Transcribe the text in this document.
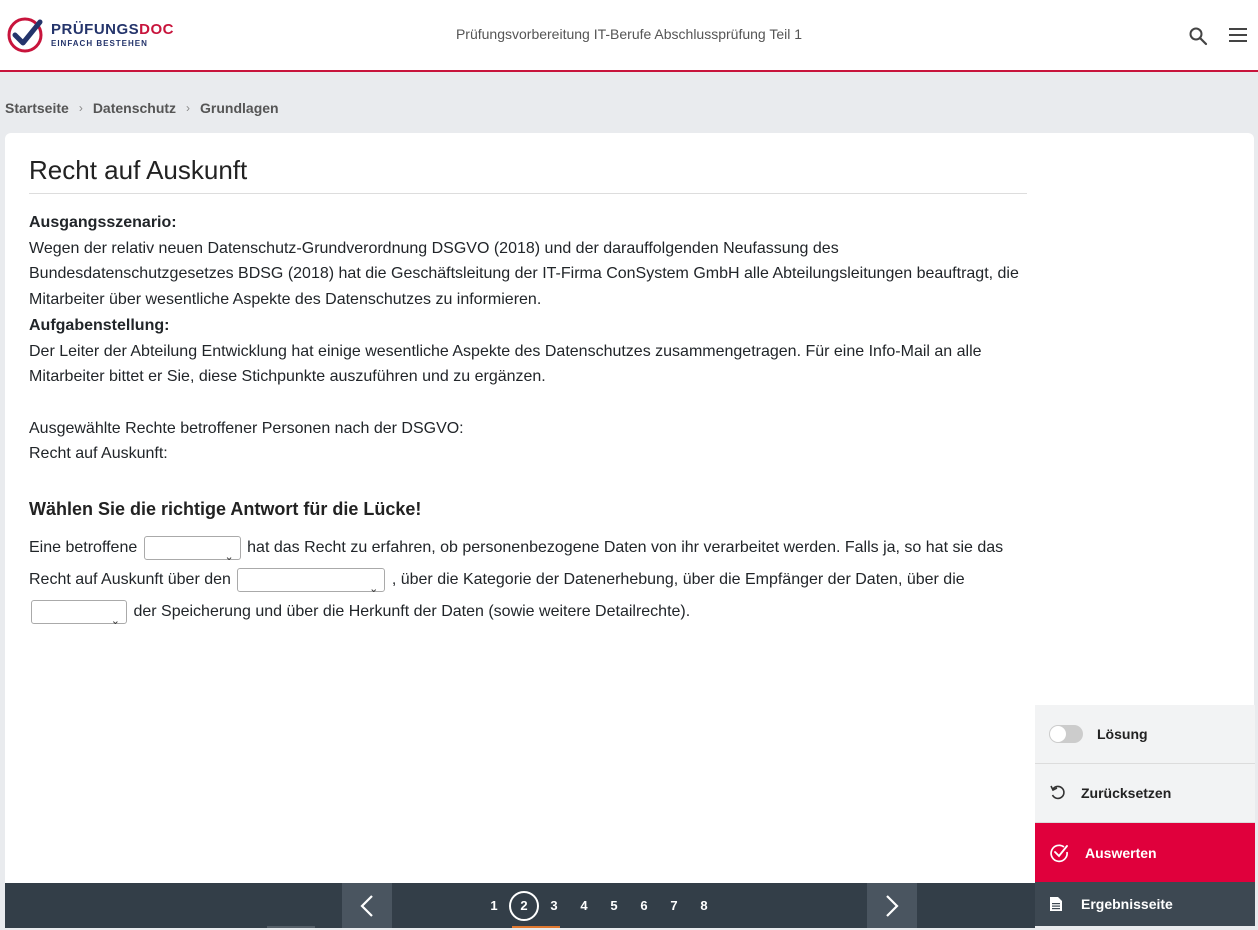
PRÜFUNGSDOC
EINFACH BESTEHEN
Prüfungsvorbereitung IT-Berufe Abschlussprüfung Teil 1
Startseite › Datenschutz › Grundlagen
Recht auf Auskunft
Ausgangsszenario:
Wegen der relativ neuen Datenschutz-Grundverordnung DSGVO (2018) und der darauffolgenden Neufassung des Bundesdatenschutzgesetzes BDSG (2018) hat die Geschäftsleitung der IT-Firma ConSystem GmbH alle Abteilungsleitungen beauftragt, die Mitarbeiter über wesentliche Aspekte des Datenschutzes zu informieren.
Aufgabenstellung:
Der Leiter der Abteilung Entwicklung hat einige wesentliche Aspekte des Datenschutzes zusammengetragen. Für eine Info-Mail an alle Mitarbeiter bittet er Sie, diese Stichpunkte auszuführen und zu ergänzen.

Ausgewählte Rechte betroffener Personen nach der DSGVO:
Recht auf Auskunft:
Wählen Sie die richtige Antwort für die Lücke!
Eine betroffene
⌄
hat das Recht zu erfahren, ob personenbezogene Daten von ihr verarbeitet werden. Falls ja, so hat sie das Recht auf Auskunft über den
⌄
, über die Kategorie der Datenerhebung, über die Empfänger der Daten, über die
⌄
der Speicherung und über die Herkunft der Daten (sowie weitere Detailrechte).
Lösung
Zurücksetzen
Auswerten
Ergebnisseite
1	2	3	4	5	6	7	8
